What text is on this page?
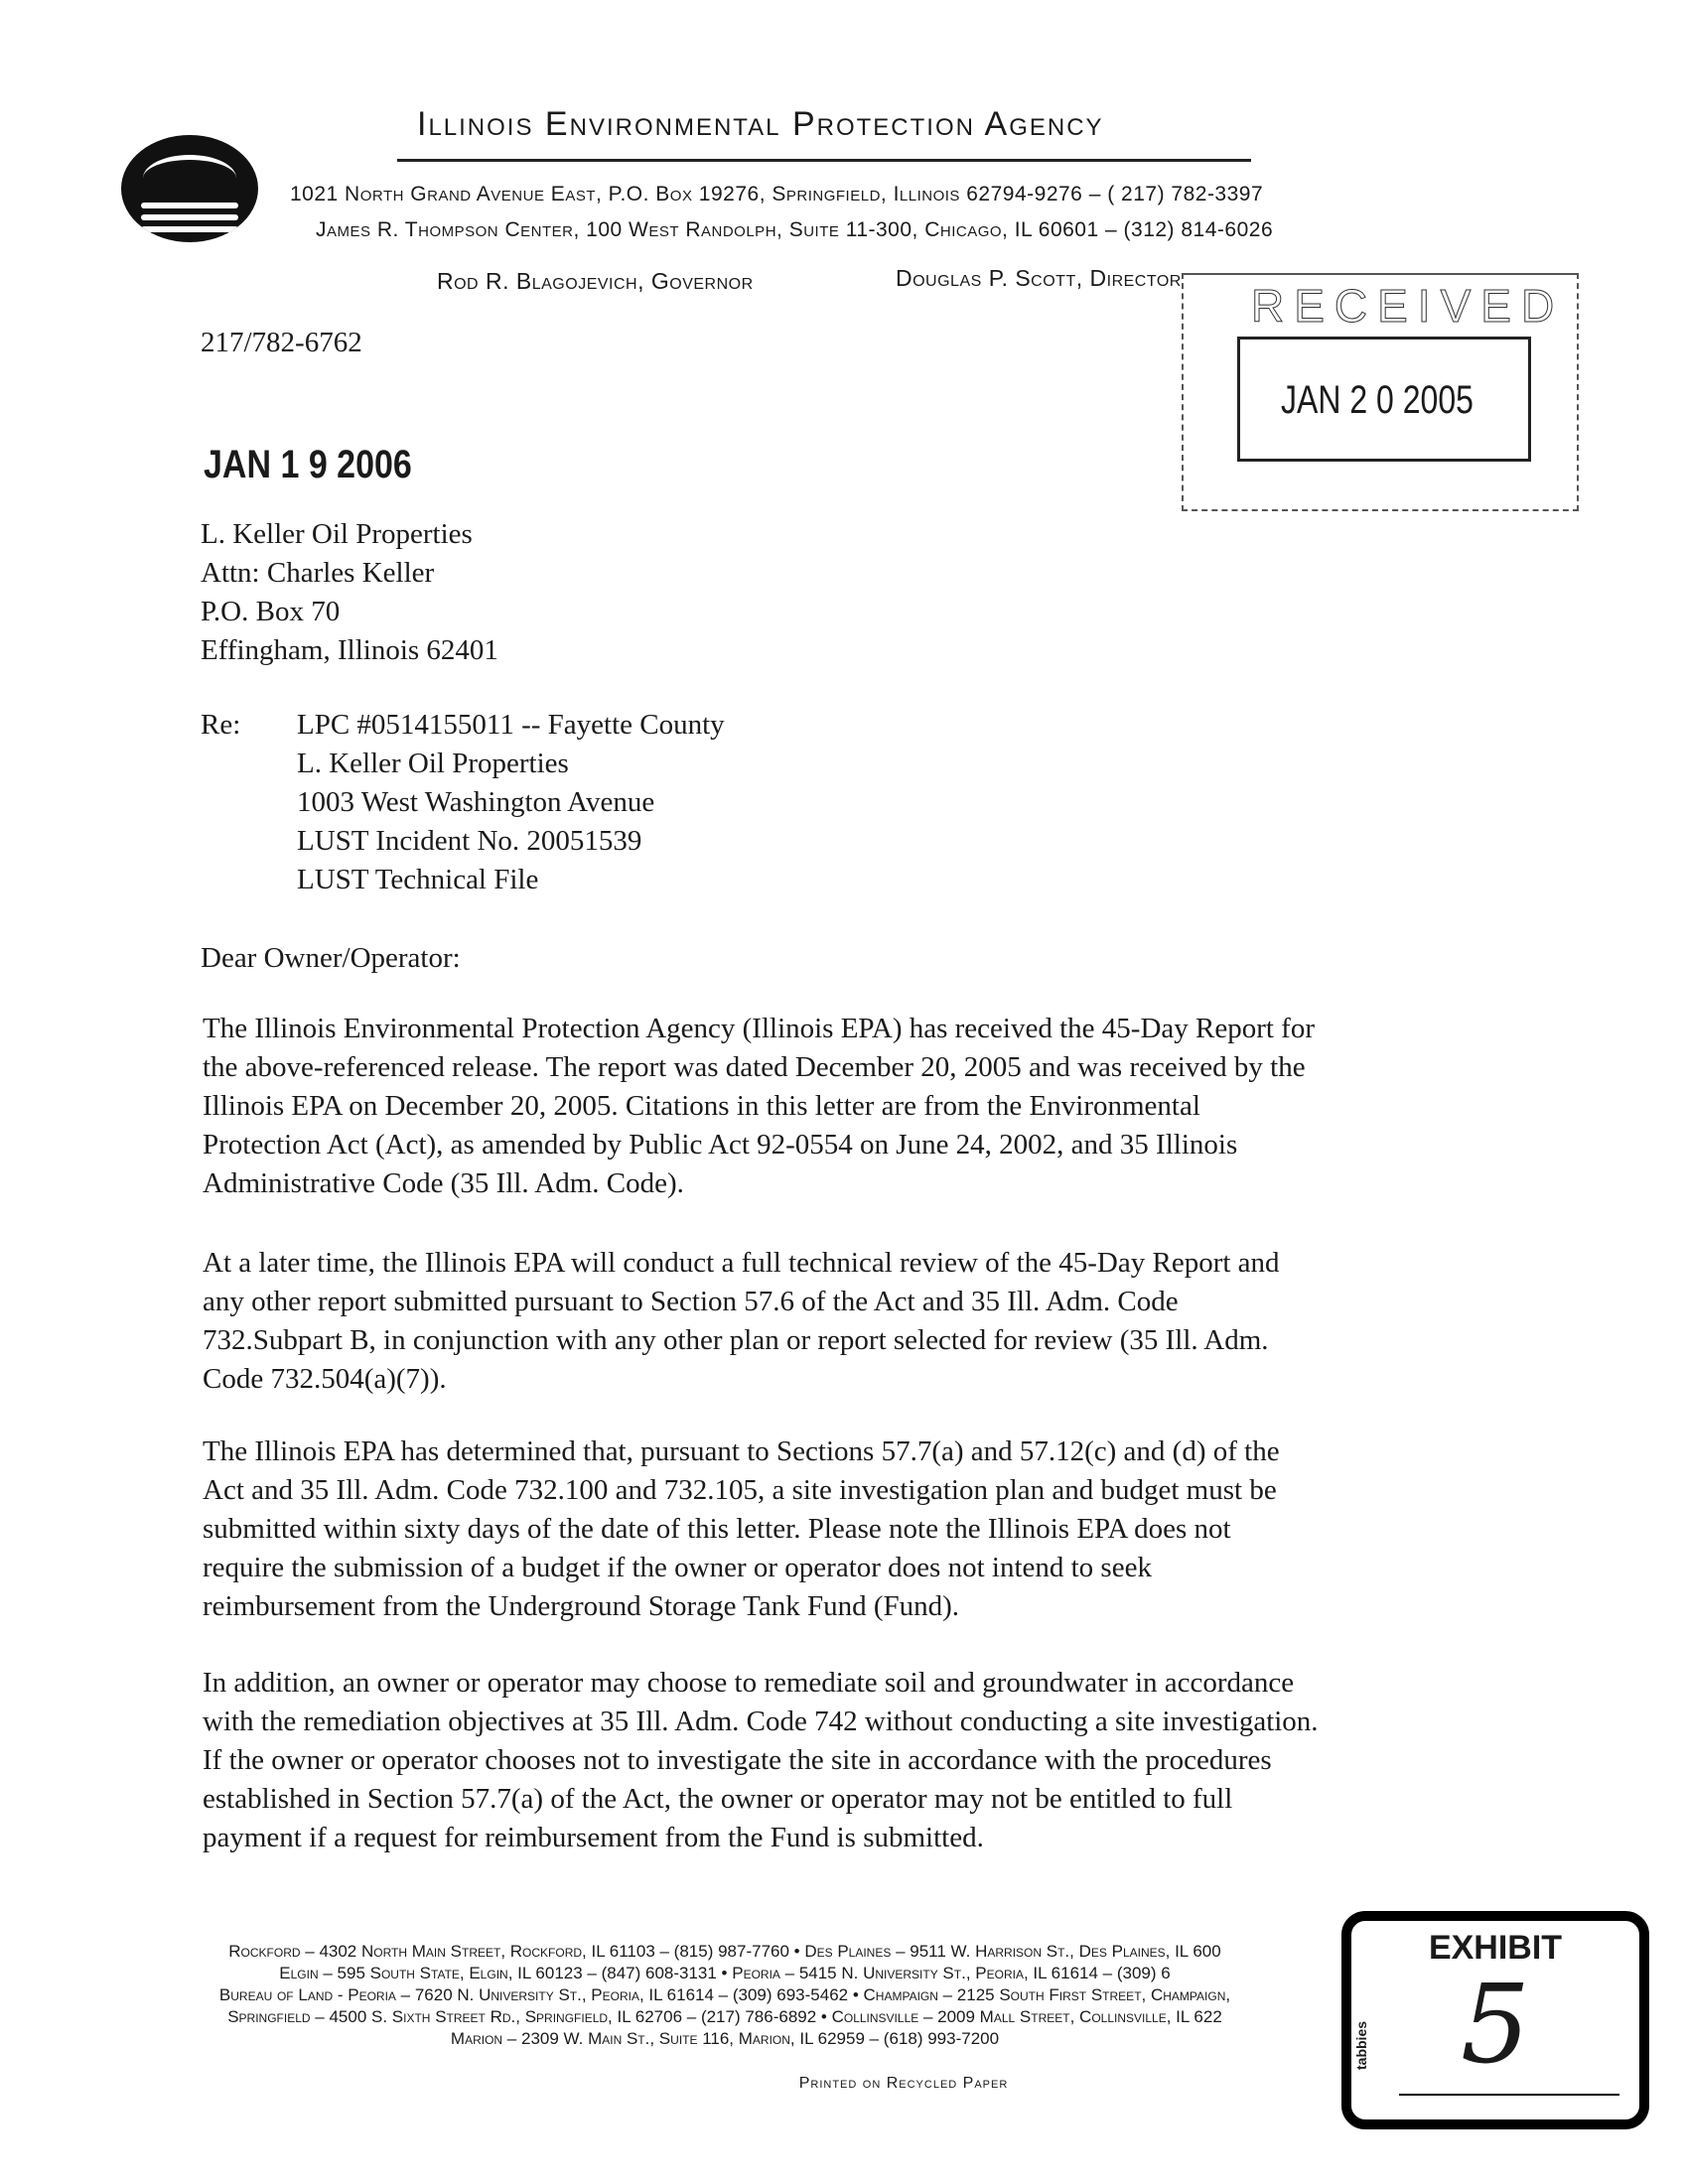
Illinois Environmental Protection Agency
1021 North Grand Avenue East, P.O. Box 19276, Springfield, Illinois 62794-9276 – ( 217) 782-3397
James R. Thompson Center, 100 West Randolph, Suite 11-300, Chicago, IL 60601 – (312) 814-6026
Rod R. Blagojevich, Governor	Douglas P. Scott, Director
RECEIVED
JAN 2 0 2005
217/782-6762
JAN 1 9 2006
L. Keller Oil Properties
Attn: Charles Keller
P.O. Box 70
Effingham, Illinois 62401
Re: LPC #0514155011 -- Fayette County
L. Keller Oil Properties
1003 West Washington Avenue
LUST Incident No. 20051539
LUST Technical File
Dear Owner/Operator:
The Illinois Environmental Protection Agency (Illinois EPA) has received the 45-Day Report for
the above-referenced release. The report was dated December 20, 2005 and was received by the
Illinois EPA on December 20, 2005. Citations in this letter are from the Environmental
Protection Act (Act), as amended by Public Act 92-0554 on June 24, 2002, and 35 Illinois
Administrative Code (35 Ill. Adm. Code).
At a later time, the Illinois EPA will conduct a full technical review of the 45-Day Report and
any other report submitted pursuant to Section 57.6 of the Act and 35 Ill. Adm. Code
732.Subpart B, in conjunction with any other plan or report selected for review (35 Ill. Adm.
Code 732.504(a)(7)).
The Illinois EPA has determined that, pursuant to Sections 57.7(a) and 57.12(c) and (d) of the
Act and 35 Ill. Adm. Code 732.100 and 732.105, a site investigation plan and budget must be
submitted within sixty days of the date of this letter. Please note the Illinois EPA does not
require the submission of a budget if the owner or operator does not intend to seek
reimbursement from the Underground Storage Tank Fund (Fund).
In addition, an owner or operator may choose to remediate soil and groundwater in accordance
with the remediation objectives at 35 Ill. Adm. Code 742 without conducting a site investigation.
If the owner or operator chooses not to investigate the site in accordance with the procedures
established in Section 57.7(a) of the Act, the owner or operator may not be entitled to full
payment if a request for reimbursement from the Fund is submitted.
Rockford – 4302 North Main Street, Rockford, IL 61103 – (815) 987-7760 • Des Plaines – 9511 W. Harrison St., Des Plaines, IL 600
Elgin – 595 South State, Elgin, IL 60123 – (847) 608-3131 • Peoria – 5415 N. University St., Peoria, IL 61614 – (309) 6
Bureau of Land - Peoria – 7620 N. University St., Peoria, IL 61614 – (309) 693-5462 • Champaign – 2125 South First Street, Champaign,
Springfield – 4500 S. Sixth Street Rd., Springfield, IL 62706 – (217) 786-6892 • Collinsville – 2009 Mall Street, Collinsville, IL 622
Marion – 2309 W. Main St., Suite 116, Marion, IL 62959 – (618) 993-7200
Printed on Recycled Paper
EXHIBIT
tabbies 5
